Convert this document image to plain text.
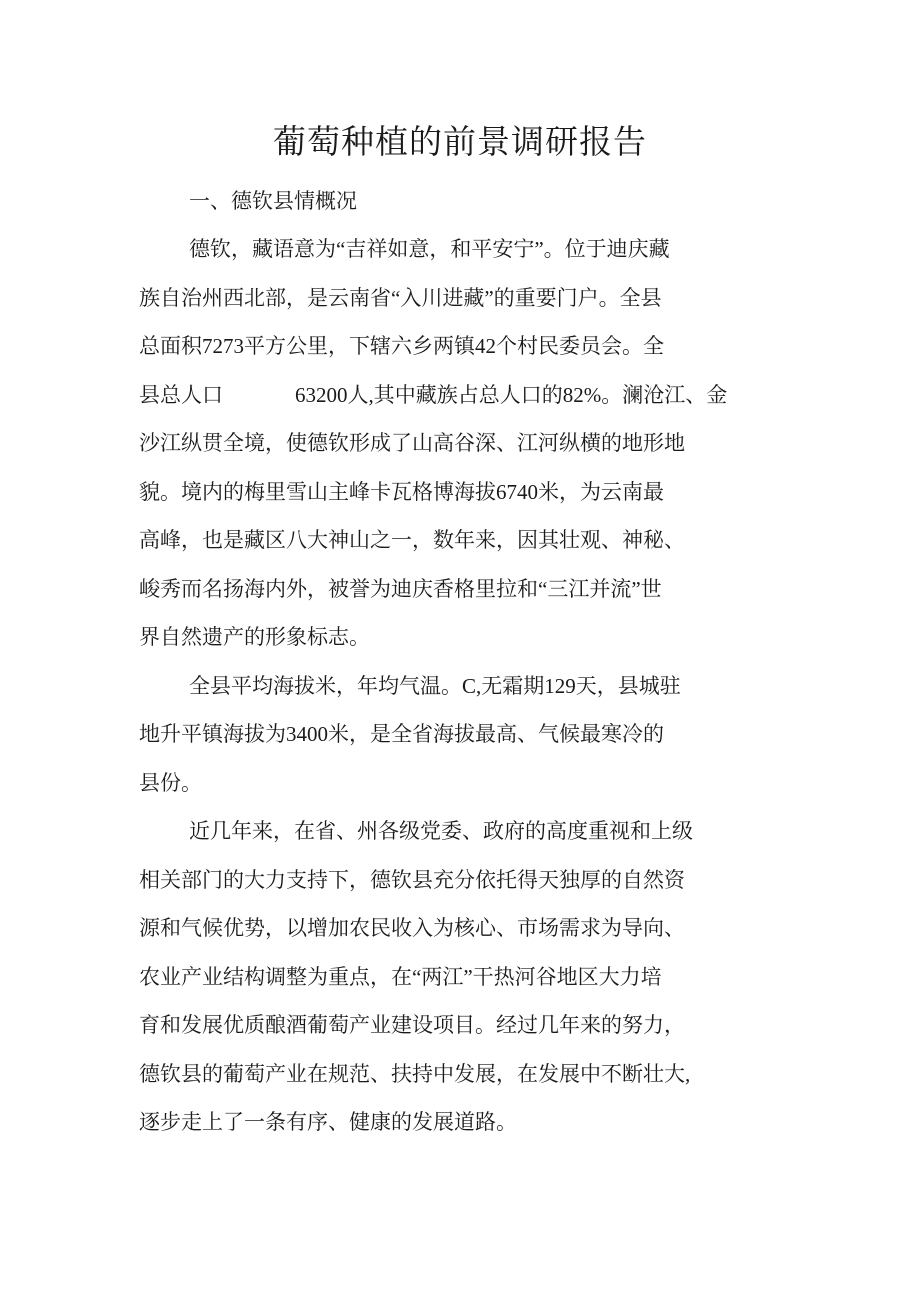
葡萄种植的前景调研报告
一、德钦县情概况
德钦，藏语意为“吉祥如意，和平安宁”。位于迪庆藏
族自治州西北部，是云南省“入川进藏”的重要门户。全县
总面积7273平方公里，下辖六乡两镇42个村民委员会。全
县总人口	63200人,其中藏族占总人口的82%。澜沧江、金
沙江纵贯全境，使德钦形成了山高谷深、江河纵横的地形地
貌。境内的梅里雪山主峰卡瓦格博海拔6740米，为云南最
高峰，也是藏区八大神山之一，数年来，因其壮观、神秘、
峻秀而名扬海内外，被誉为迪庆香格里拉和“三江并流”世
界自然遗产的形象标志。
全县平均海拔米，年均气温。C,无霜期129天，县城驻
地升平镇海拔为3400米，是全省海拔最高、气候最寒冷的
县份。
近几年来，在省、州各级党委、政府的高度重视和上级
相关部门的大力支持下，德钦县充分依托得天独厚的自然资
源和气候优势，以增加农民收入为核心、市场需求为导向、
农业产业结构调整为重点，在“两江”干热河谷地区大力培
育和发展优质酿酒葡萄产业建设项目。经过几年来的努力，
德钦县的葡萄产业在规范、扶持中发展，在发展中不断壮大,
逐步走上了一条有序、健康的发展道路。
